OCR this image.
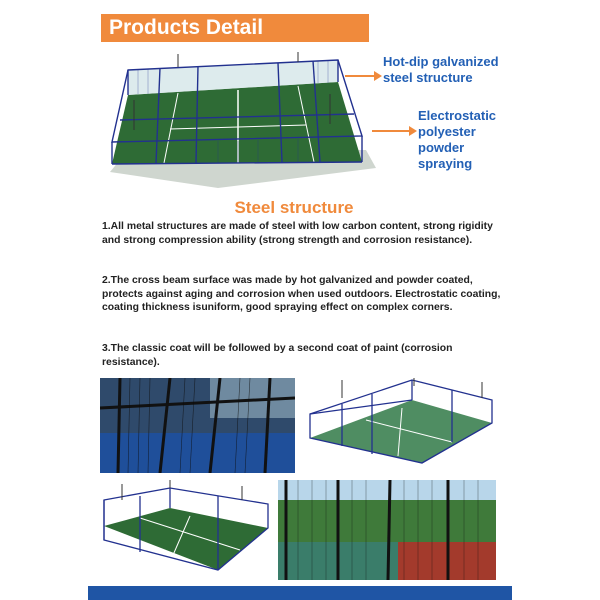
Products Detail
Hot-dip galvanized
steel structure
Electrostatic
polyester
powder
spraying
Steel structure

1.All metal structures are made of steel with low carbon content, strong rigidity and strong compression ability (strong strength and corrosion resistance).

2.The cross beam surface was made by hot galvanized and powder coated, protects against aging and corrosion when used outdoors. Electrostatic coating, coating thickness isuniform, good spraying effect on complex corners.

3.The classic coat will be followed by a second coat of paint (corrosion resistance).
